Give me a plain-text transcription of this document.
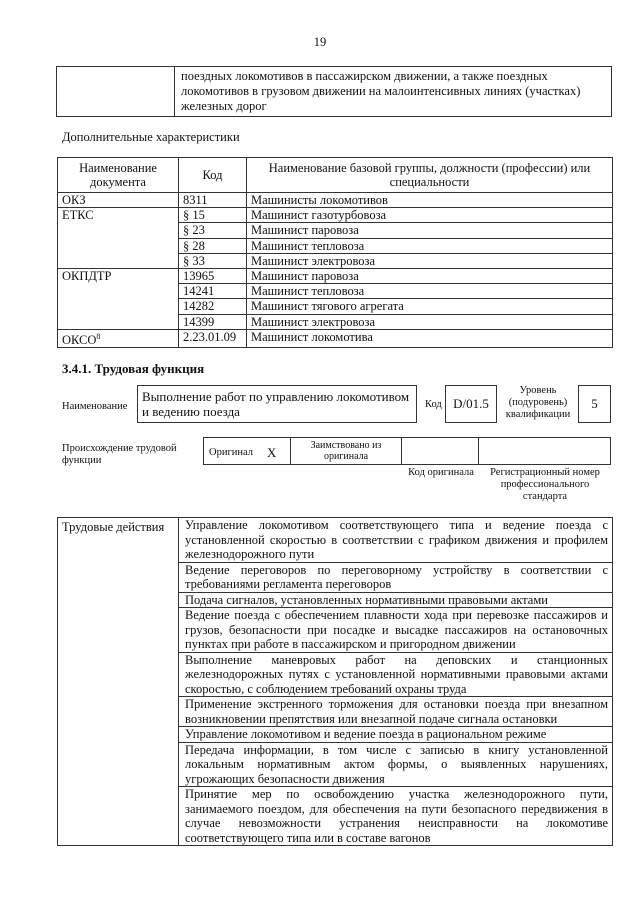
19
	поездных локомотивов в пассажирском движении, а также поездных локомотивов в грузовом движении на малоинтенсивных линиях (участках) железных дорог
Дополнительные характеристики
Наименование документа	Код	Наименование базовой группы, должности (профессии) или специальности
ОКЗ	8311	Машинисты локомотивов
ЕТКС	§ 15	Машинист газотурбовоза
	§ 23	Машинист паровоза
	§ 28	Машинист тепловоза
	§ 33	Машинист электровоза
ОКПДТР	13965	Машинист паровоза
	14241	Машинист тепловоза
	14282	Машинист тягового агрегата
	14399	Машинист электровоза
ОКСО$^8$	2.23.01.09	Машинист локомотива
3.4.1. Трудовая функция
Наименование
Выполнение работ по управлению локомотивом и ведению поезда	Код D/01.5
Уровень (подуровень) квалификации
5
Происхождение трудовой функции
Оригинал X	Заимствовано из оригинала
Код оригинала	Регистрационный номер профессионального стандарта
Трудовые действия	Управление локомотивом соответствующего типа и ведение поезда с установленной скоростью в соответствии с графиком движения и профилем железнодорожного пути
Ведение переговоров по переговорному устройству в соответствии с требованиями регламента переговоров
Подача сигналов, установленных нормативными правовыми актами
Ведение поезда с обеспечением плавности хода при перевозке пассажиров и грузов, безопасности при посадке и высадке пассажиров на остановочных пунктах при работе в пассажирском и пригородном движении
Выполнение маневровых работ на деповских и станционных железнодорожных путях с установленной нормативными правовыми актами скоростью, с соблюдением требований охраны труда
Применение экстренного торможения для остановки поезда при внезапном возникновении препятствия или внезапной подаче сигнала остановки
Управление локомотивом и ведение поезда в рациональном режиме
Передача информации, в том числе с записью в книгу установленной локальным нормативным актом формы, о выявленных нарушениях, угрожающих безопасности движения
Принятие мер по освобождению участка железнодорожного пути, занимаемого поездом, для обеспечения на пути безопасного передвижения в случае невозможности устранения неисправности на локомотиве соответствующего типа или в составе вагонов
